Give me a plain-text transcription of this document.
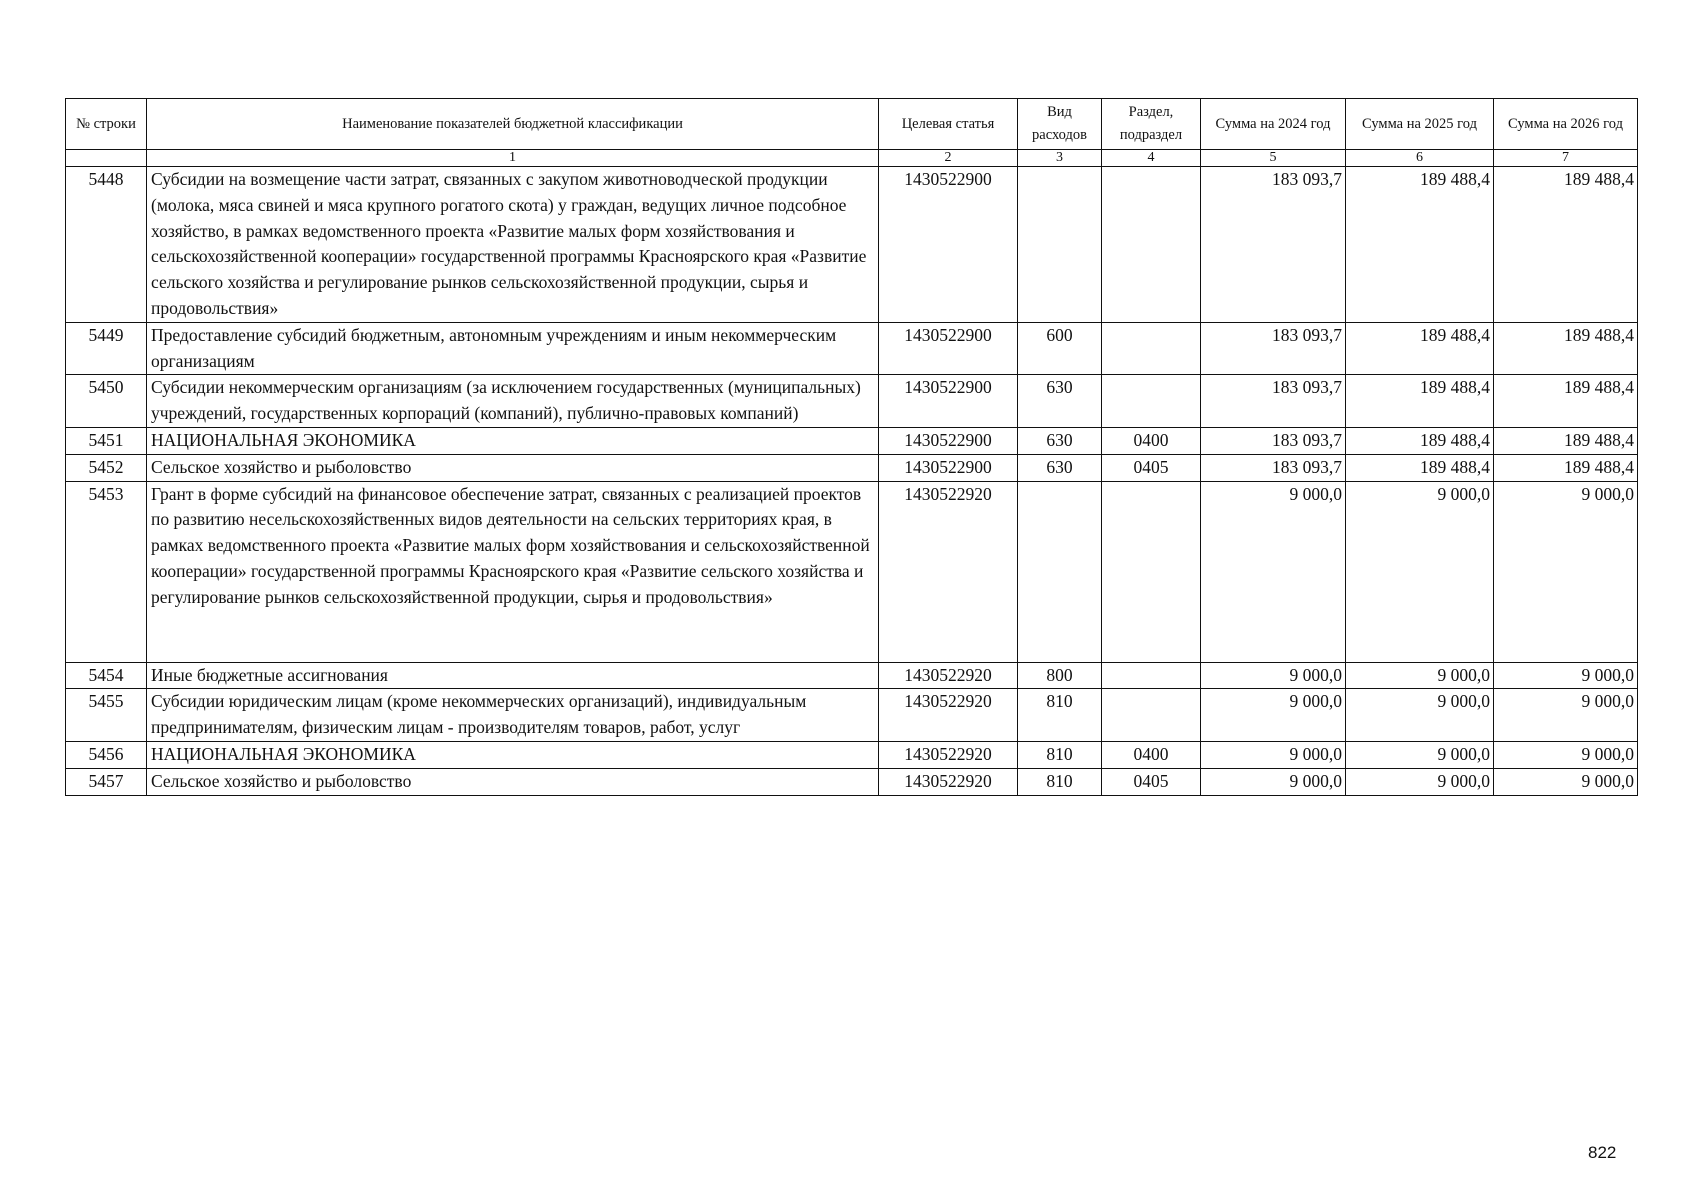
№ строки	Наименование показателей бюджетной классификации	Целевая статья	Вид расходов	Раздел, подраздел	Сумма на 2024 год	Сумма на 2025 год	Сумма на 2026 год
	1	2	3	4	5	6	7
5448	Субсидии на возмещение части затрат, связанных с закупом животноводческой продукции (молока, мяса свиней и мяса крупного рогатого скота) у граждан, ведущих личное подсобное хозяйство, в рамках ведомственного проекта «Развитие малых форм хозяйствования и сельскохозяйственной кооперации» государственной программы Красноярского края «Развитие сельского хозяйства и регулирование рынков сельскохозяйственной продукции, сырья и продовольствия»	1430522900			183 093,7	189 488,4	189 488,4
5449	Предоставление субсидий бюджетным, автономным учреждениям и иным некоммерческим организациям	1430522900	600		183 093,7	189 488,4	189 488,4
5450	Субсидии некоммерческим организациям (за исключением государственных (муниципальных) учреждений, государственных корпораций (компаний), публично-правовых компаний)	1430522900	630		183 093,7	189 488,4	189 488,4
5451	НАЦИОНАЛЬНАЯ ЭКОНОМИКА	1430522900	630	0400	183 093,7	189 488,4	189 488,4
5452	Сельское хозяйство и рыболовство	1430522900	630	0405	183 093,7	189 488,4	189 488,4
5453	Грант в форме субсидий на финансовое обеспечение затрат, связанных с реализацией проектов по развитию несельскохозяйственных видов деятельности на сельских территориях края, в рамках ведомственного проекта «Развитие малых форм хозяйствования и сельскохозяйственной кооперации» государственной программы Красноярского края «Развитие сельского хозяйства и регулирование рынков сельскохозяйственной продукции, сырья и продовольствия»	1430522920			9 000,0	9 000,0	9 000,0
5454	Иные бюджетные ассигнования	1430522920	800		9 000,0	9 000,0	9 000,0
5455	Субсидии юридическим лицам (кроме некоммерческих организаций), индивидуальным предпринимателям, физическим лицам - производителям товаров, работ, услуг	1430522920	810		9 000,0	9 000,0	9 000,0
5456	НАЦИОНАЛЬНАЯ ЭКОНОМИКА	1430522920	810	0400	9 000,0	9 000,0	9 000,0
5457	Сельское хозяйство и рыболовство	1430522920	810	0405	9 000,0	9 000,0	9 000,0
822
